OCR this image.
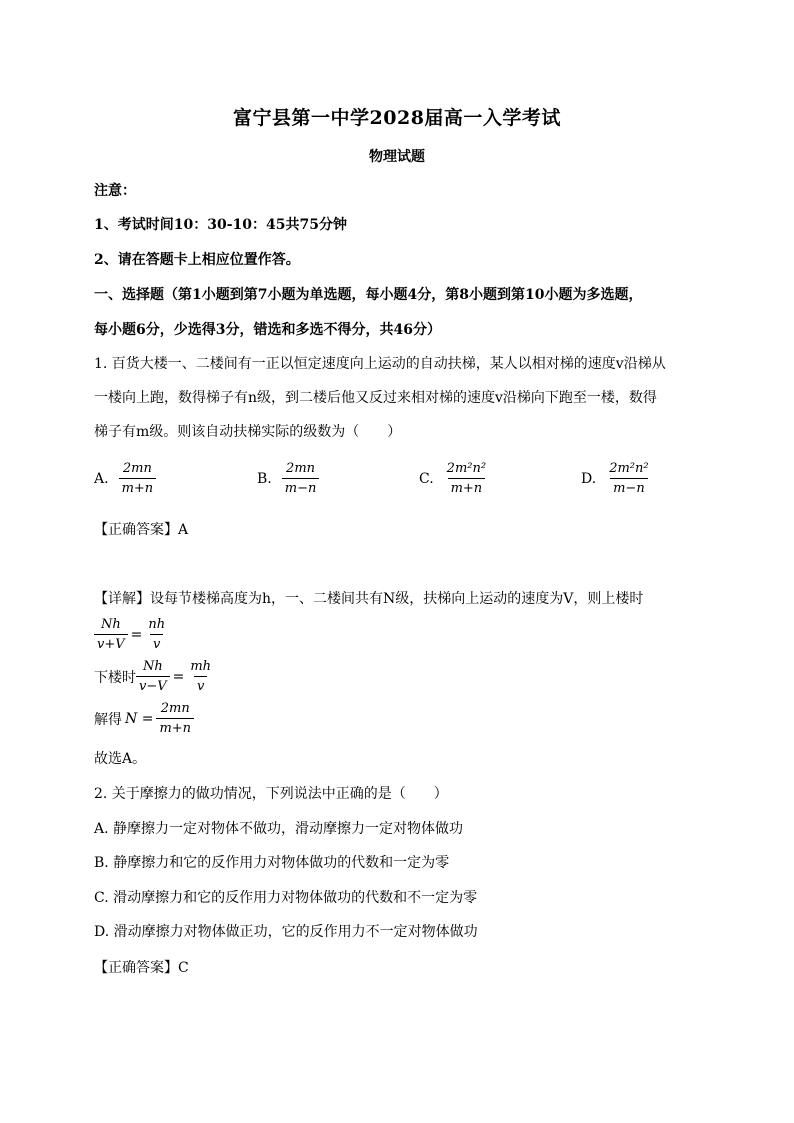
富宁县第一中学2028届高一入学考试
物理试题
注意：
1、考试时间10：30-10：45共75分钟
2、请在答题卡上相应位置作答。
一、选择题（第1小题到第7小题为单选题，每小题4分，第8小题到第10小题为多选题，
每小题6分，少选得3分，错选和多选不得分，共46分）
1. 百货大楼一、二楼间有一正以恒定速度向上运动的自动扶梯，某人以相对梯的速度v沿梯从
一楼向上跑，数得梯子有n级，到二楼后他又反过来相对梯的速度v沿梯向下跑至一楼，数得
梯子有m级。则该自动扶梯实际的级数为（　　）
A. $\frac{2mn}{m+n}$	B. $\frac{2mn}{m-n}$	C. $\frac{\text{2m²n²}}{m+n}$	D. $\frac{\text{2m²n²}}{m-n}$
【正确答案】A
【详解】设每节楼梯高度为h，一、二楼间共有N级，扶梯向上运动的速度为V，则上楼时
$\frac{Nh}{v+V} = \frac{nh}{v}$
下楼时 $\frac{Nh}{v-V} = \frac{mh}{v}$
解得 $N = \frac{2mn}{m+n}$
故选A。
2. 关于摩擦力的做功情况，下列说法中正确的是（　　）
A. 静摩擦力一定对物体不做功，滑动摩擦力一定对物体做功
B. 静摩擦力和它的反作用力对物体做功的代数和一定为零
C. 滑动摩擦力和它的反作用力对物体做功的代数和不一定为零
D. 滑动摩擦力对物体做正功，它的反作用力不一定对物体做功
【正确答案】C
